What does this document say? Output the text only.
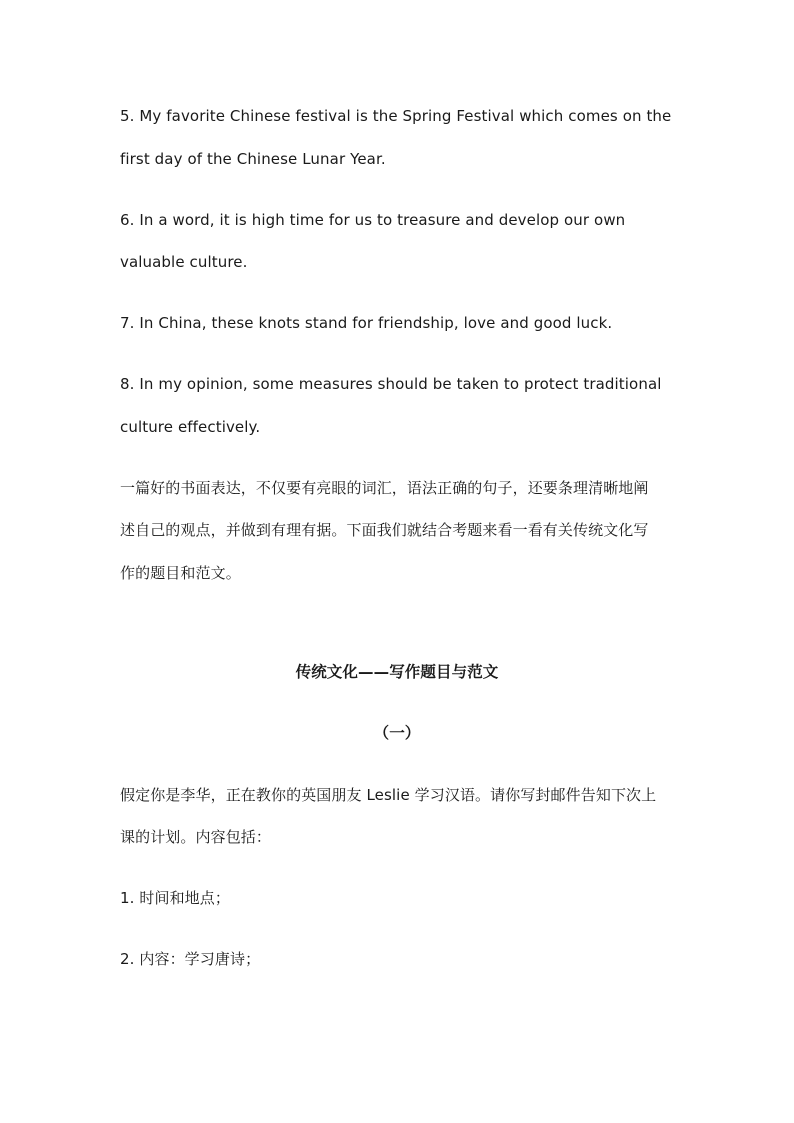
5. My favorite Chinese festival is the Spring Festival which comes on the

first day of the Chinese Lunar Year.

6. In a word, it is high time for us to treasure and develop our own

valuable culture.

7. In China, these knots stand for friendship, love and good luck.

8. In my opinion, some measures should be taken to protect traditional

culture effectively.

一篇好的书面表达，不仅要有亮眼的词汇，语法正确的句子，还要条理清晰地阐

述自己的观点，并做到有理有据。下面我们就结合考题来看一看有关传统文化写

作的题目和范文。

传统文化——写作题目与范文

（一）

假定你是李华，正在教你的英国朋友 Leslie 学习汉语。请你写封邮件告知下次上

课的计划。内容包括：

1. 时间和地点；

2. 内容：学习唐诗；
